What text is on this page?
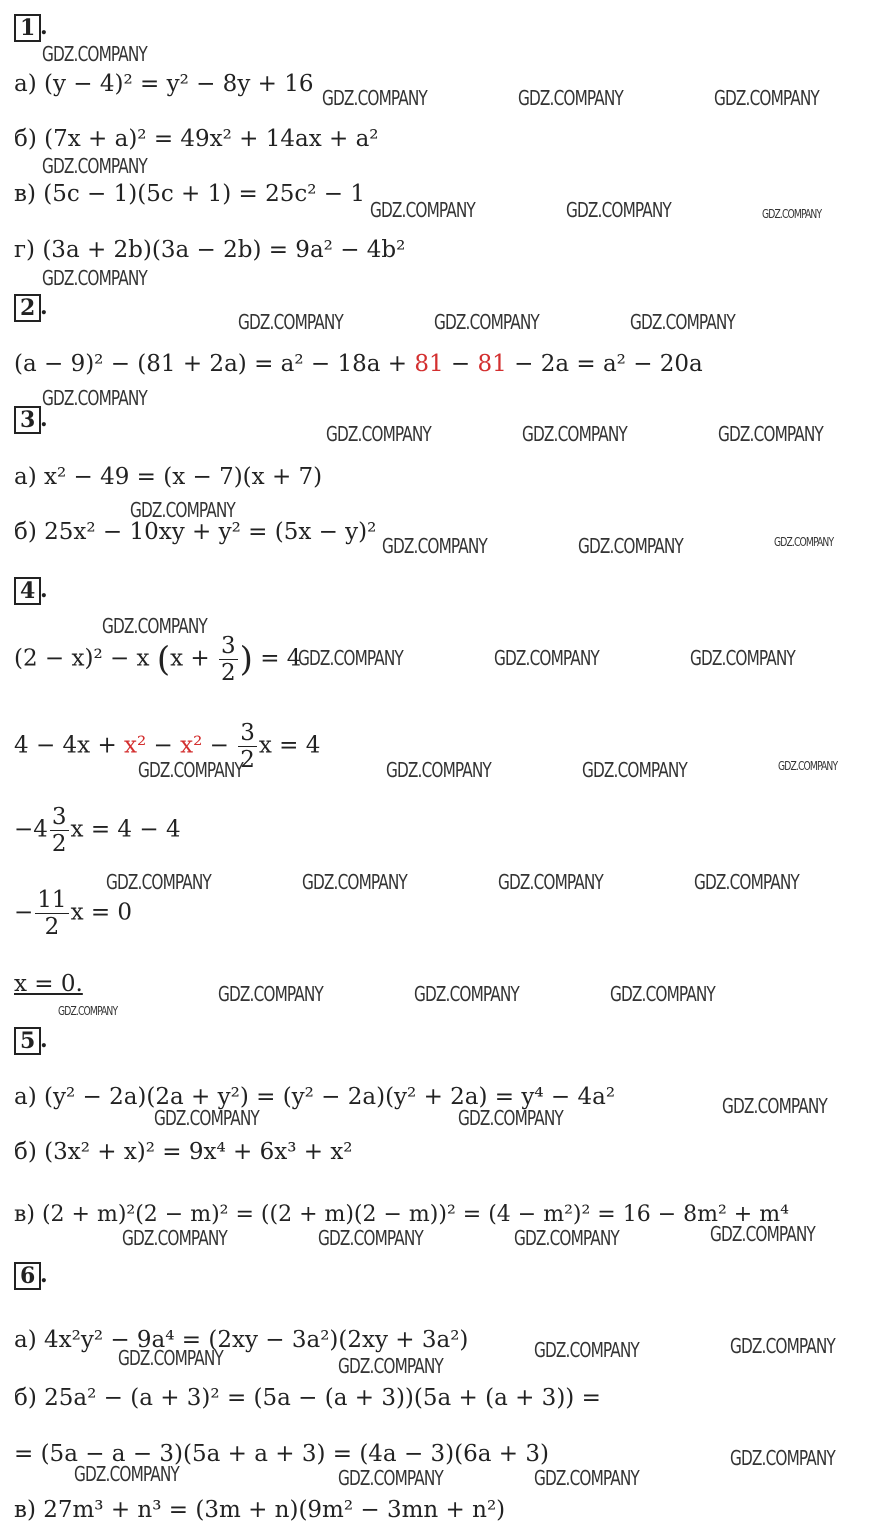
1 .
а) (y − 4)² = y² − 8y + 16
б) (7x + a)² = 49x² + 14ax + a²
в) (5c − 1)(5c + 1) = 25c² − 1
г) (3a + 2b)(3a − 2b) = 9a² − 4b²
2 .
(a − 9)² − (81 + 2a) = a² − 18a + 81 − 81 − 2a = a² − 20a
3 .
а) x² − 49 = (x − 7)(x + 7)
б) 25x² − 10xy + y² = (5x − y)²
4 .
(2 − x)² − x ($x + \frac{3}{2}$ ) = 4
$4 - 4x + x^2 - x^2 - \frac{3}{2}$ x = 4
$-4 \frac{3}{2}$ x = 4 − 4
− $\frac{11}{2}$ x = 0
x = 0.
5 .
а) (y² − 2a)(2a + y²) = (y² − 2a)(y² + 2a) = y⁴ − 4a²
б) (3x² + x)² = 9x⁴ + 6x³ + x²
в) (2 + m)²(2 − m)² = ((2 + m)(2 − m))² = (4 − m²)² = 16 − 8m² + m⁴
6 .
а) 4x²y² − 9a⁴ = (2xy − 3a²)(2xy + 3a²)
б) 25a² − (a + 3)² = (5a − (a + 3))(5a + (a + 3)) =
= (5a − a − 3)(5a + a + 3) = (4a − 3)(6a + 3)
в) 27m³ + n³ = (3m + n)(9m² − 3mn + n²)
GDZ.COMPANY
GDZ.COMPANY	GDZ.COMPANY	GDZ.COMPANY
GDZ.COMPANY
GDZ.COMPANY	GDZ.COMPANY	GDZ.COMPANY
GDZ.COMPANY
GDZ.COMPANY	GDZ.COMPANY	GDZ.COMPANY
GDZ.COMPANY
GDZ.COMPANY	GDZ.COMPANY	GDZ.COMPANY
GDZ.COMPANY
GDZ.COMPANY	GDZ.COMPANY	GDZ.COMPANY
GDZ.COMPANY
GDZ.COMPANY	GDZ.COMPANY	GDZ.COMPANY
GDZ.COMPANY	GDZ.COMPANY	GDZ.COMPANY	GDZ.COMPANY
GDZ.COMPANY	GDZ.COMPANY	GDZ.COMPANY	GDZ.COMPANY
GDZ.COMPANY
GDZ.COMPANY	GDZ.COMPANY	GDZ.COMPANY
GDZ.COMPANY	GDZ.COMPANY	GDZ.COMPANY
GDZ.COMPANY	GDZ.COMPANY	GDZ.COMPANY	GDZ.COMPANY
GDZ.COMPANY	GDZ.COMPANY
GDZ.COMPANY	GDZ.COMPANY
GDZ.COMPANY	GDZ.COMPANY	GDZ.COMPANY
GDZ.COMPANY
